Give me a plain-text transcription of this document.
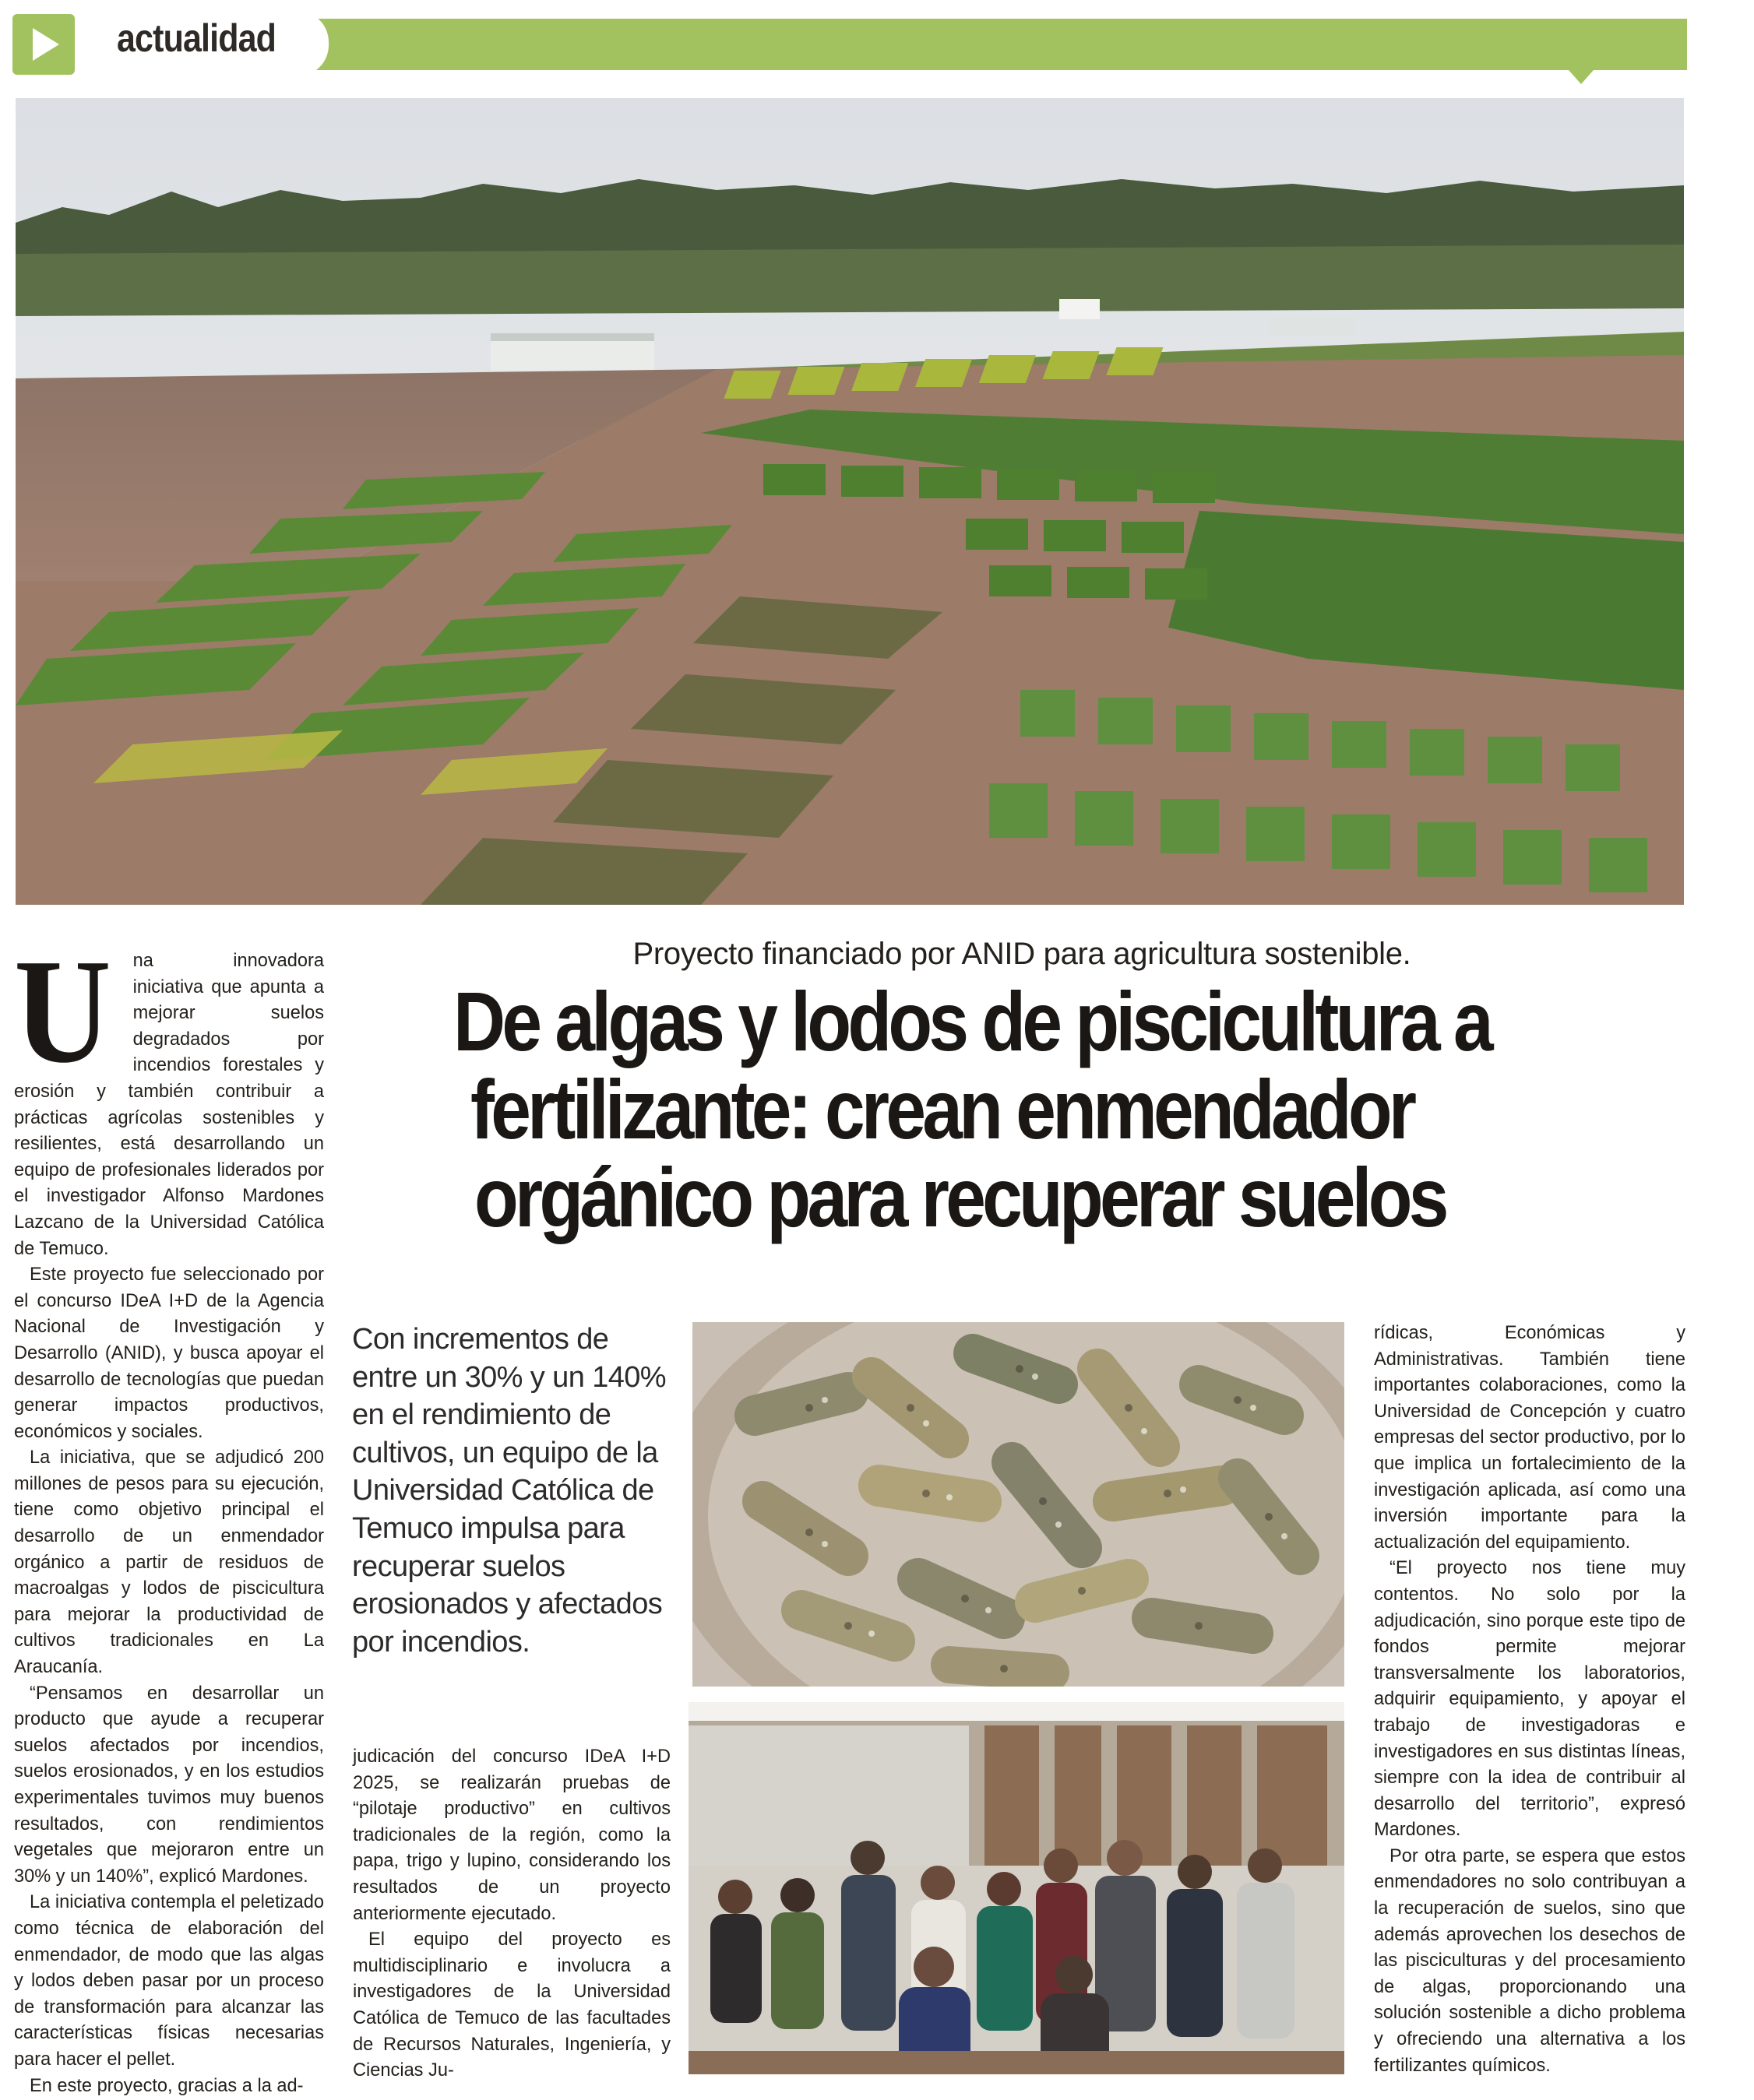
actualidad
Proyecto financiado por ANID para agricultura sostenible.
De algas y lodos de piscicultura a
fertilizante: crean enmendador
orgánico para recuperar suelos

U na innovadora iniciativa que apunta a mejorar suelos degradados por incendios forestales y erosión y también contribuir a prácticas agrícolas sostenibles y resilientes, está desarrollando un equipo de profesionales liderados por el investigador Alfonso Mardones Lazcano de la Universidad Católica de Temuco.

Este proyecto fue seleccionado por el concurso IDeA I+D de la Agencia Nacional de Investigación y Desarrollo (ANID), y busca apoyar el desarrollo de tecnologías que puedan generar impactos productivos, económicos y sociales.

La iniciativa, que se adjudicó 200 millones de pesos para su ejecución, tiene como objetivo principal el desarrollo de un enmendador orgánico a partir de residuos de macroalgas y lodos de piscicultura para mejorar la productividad de cultivos tradicionales en La Araucanía.

“Pensamos en desarrollar un producto que ayude a recuperar suelos afectados por incendios, suelos erosionados, y en los estudios experimentales tuvimos muy buenos resultados, con rendimientos vegetales que mejoraron entre un 30% y un 140%”, explicó Mardones.

La iniciativa contempla el peletizado como técnica de elaboración del enmendador, de modo que las algas y lodos deben pasar por un proceso de transformación para alcanzar las características físicas necesarias para hacer el pellet.

En este proyecto, gracias a la ad-

Con incrementos de entre un 30% y un 140% en el rendimiento de cultivos, un equipo de la Universidad Católica de Temuco impulsa para recuperar suelos erosionados y afectados por incendios.

judicación del concurso IDeA I+D 2025, se realizarán pruebas de “pilotaje productivo” en cultivos tradicionales de la región, como la papa, trigo y lupino, considerando los resultados de un proyecto anteriormente ejecutado.

El equipo del proyecto es multidisciplinario e involucra a investigadores de la Universidad Católica de Temuco de las facultades de Recursos Naturales, Ingeniería, y Ciencias Ju-

rídicas, Económicas y Administrativas. También tiene importantes colaboraciones, como la Universidad de Concepción y cuatro empresas del sector productivo, por lo que implica un fortalecimiento de la investigación aplicada, así como una inversión importante para la actualización del equipamiento.

“El proyecto nos tiene muy contentos. No solo por la adjudicación, sino porque este tipo de fondos permite mejorar transversalmente los laboratorios, adquirir equipamiento, y apoyar el trabajo de investigadoras e investigadores en sus distintas líneas, siempre con la idea de contribuir al desarrollo del territorio”, expresó Mardones.

Por otra parte, se espera que estos enmendadores no solo contribuyan a la recuperación de suelos, sino que además aprovechen los desechos de las pisciculturas y del procesamiento de algas, proporcionando una solución sostenible a dicho problema y ofreciendo una alternativa a los fertilizantes químicos.
